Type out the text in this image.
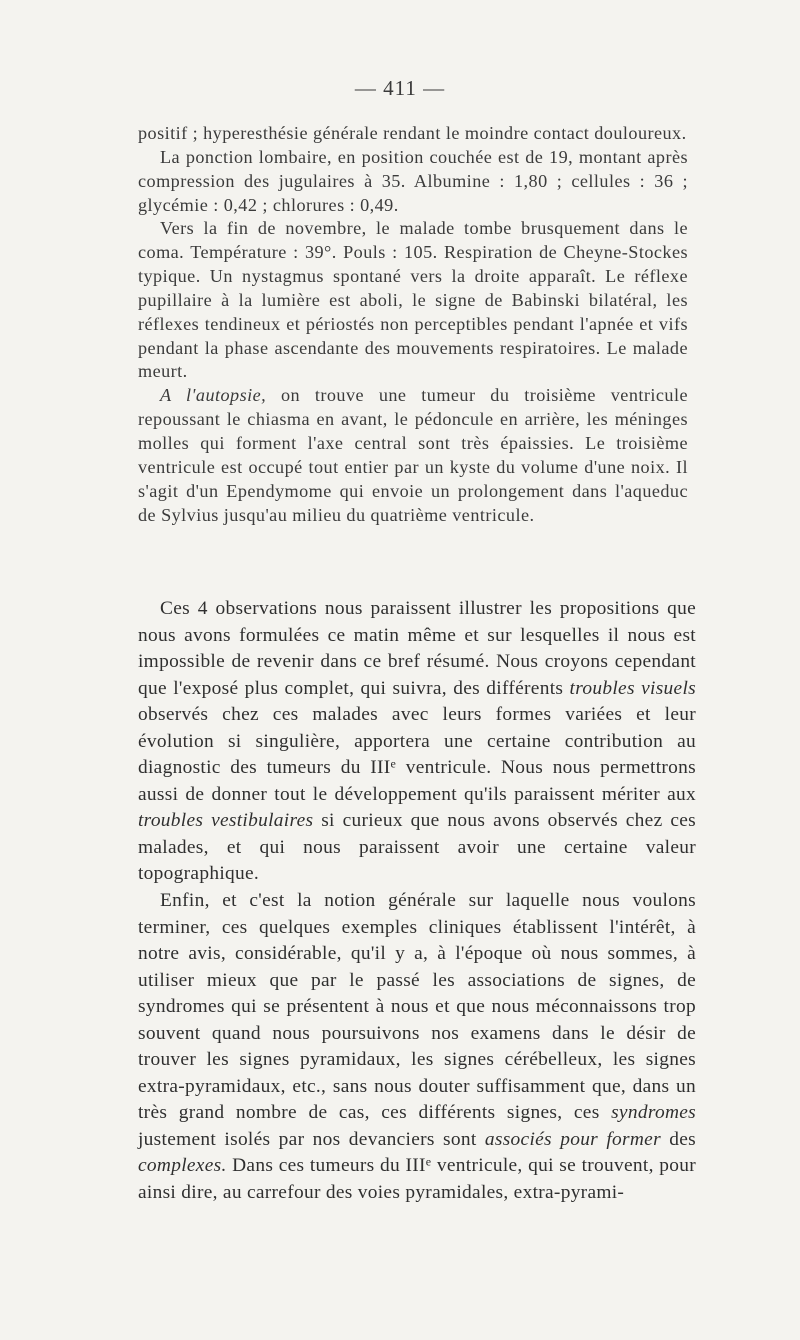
— 411 —

positif ; hyperesthésie générale rendant le moindre contact douloureux.

La ponction lombaire, en position couchée est de 19, montant après compression des jugulaires à 35. Albumine : 1,80 ; cellules : 36 ; glycémie : 0,42 ; chlorures : 0,49.

Vers la fin de novembre, le malade tombe brusquement dans le coma. Température : 39°. Pouls : 105. Respiration de Cheyne-Stockes typique. Un nystagmus spontané vers la droite apparaît. Le réflexe pupillaire à la lumière est aboli, le signe de Babinski bilatéral, les réflexes tendineux et périostés non perceptibles pendant l'apnée et vifs pendant la phase ascendante des mouvements respiratoires. Le malade meurt.

A l'autopsie, on trouve une tumeur du troisième ventricule repoussant le chiasma en avant, le pédoncule en arrière, les méninges molles qui forment l'axe central sont très épaissies. Le troisième ventricule est occupé tout entier par un kyste du volume d'une noix. Il s'agit d'un Ependymome qui envoie un prolongement dans l'aqueduc de Sylvius jusqu'au milieu du quatrième ventricule.

Ces 4 observations nous paraissent illustrer les propositions que nous avons formulées ce matin même et sur lesquelles il nous est impossible de revenir dans ce bref résumé. Nous croyons cependant que l'exposé plus complet, qui suivra, des différents troubles visuels observés chez ces malades avec leurs formes variées et leur évolution si singulière, apportera une certaine contribution au diagnostic des tumeurs du IIIe ventricule. Nous nous permettrons aussi de donner tout le développement qu'ils paraissent mériter aux troubles vestibulaires si curieux que nous avons observés chez ces malades, et qui nous paraissent avoir une certaine valeur topographique.

Enfin, et c'est la notion générale sur laquelle nous voulons terminer, ces quelques exemples cliniques établissent l'intérêt, à notre avis, considérable, qu'il y a, à l'époque où nous sommes, à utiliser mieux que par le passé les associations de signes, de syndromes qui se présentent à nous et que nous méconnaissons trop souvent quand nous poursuivons nos examens dans le désir de trouver les signes pyramidaux, les signes cérébelleux, les signes extra-pyramidaux, etc., sans nous douter suffisamment que, dans un très grand nombre de cas, ces différents signes, ces syndromes justement isolés par nos devanciers sont associés pour former des complexes. Dans ces tumeurs du IIIe ventricule, qui se trouvent, pour ainsi dire, au carrefour des voies pyramidales, extra-pyrami-
